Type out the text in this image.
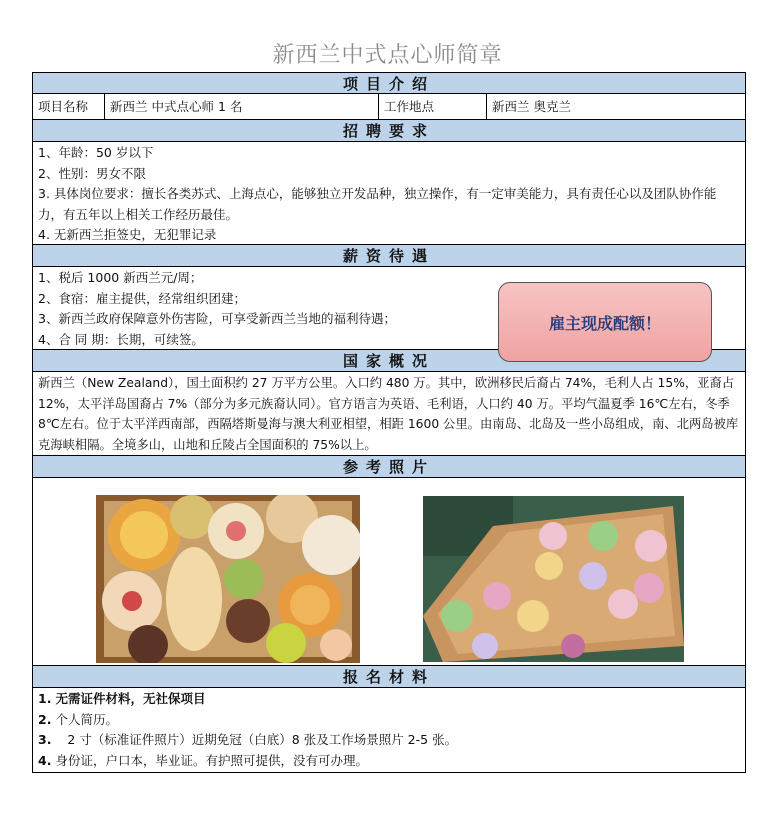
新西兰中式点心师简章
项目介绍
项目名称	新西兰 中式点心师 1 名	工作地点	新西兰 奥克兰
招聘要求
1、年龄：50 岁以下
2、性别：男女不限
3. 具体岗位要求：擅长各类苏式、上海点心，能够独立开发品种，独立操作，有一定审美能力，具有责任心以及团队协作能力，有五年以上相关工作经历最佳。
4. 无新西兰拒签史，无犯罪记录
薪资待遇
1、税后 1000 新西兰元/周；
2、食宿：雇主提供，经常组织团建；
3、新西兰政府保障意外伤害险，可享受新西兰当地的福利待遇；
4、合 同 期：长期，可续签。
国家概况
新西兰（New Zealand），国土面积约 27 万平方公里。入口约 480 万。其中，欧洲移民后裔占 74%，毛利人占 15%，亚裔占 12%，太平洋岛国裔占 7%（部分为多元族裔认同）。官方语言为英语、毛利语，人口约 40 万。平均气温夏季 16℃左右，冬季 8℃左右。位于太平洋西南部，西隔塔斯曼海与澳大利亚相望，相距 1600 公里。由南岛、北岛及一些小岛组成，南、北两岛被库克海峡相隔。全境多山，山地和丘陵占全国面积的 75%以上。
参考照片
报名材料
1. 无需证件材料，无社保项目
2. 个人简历。
3.    2 寸（标准证件照片）近期免冠（白底）8 张及工作场景照片 2-5 张。
4. 身份证，户口本，毕业证。有护照可提供，没有可办理。
雇主现成配额！
